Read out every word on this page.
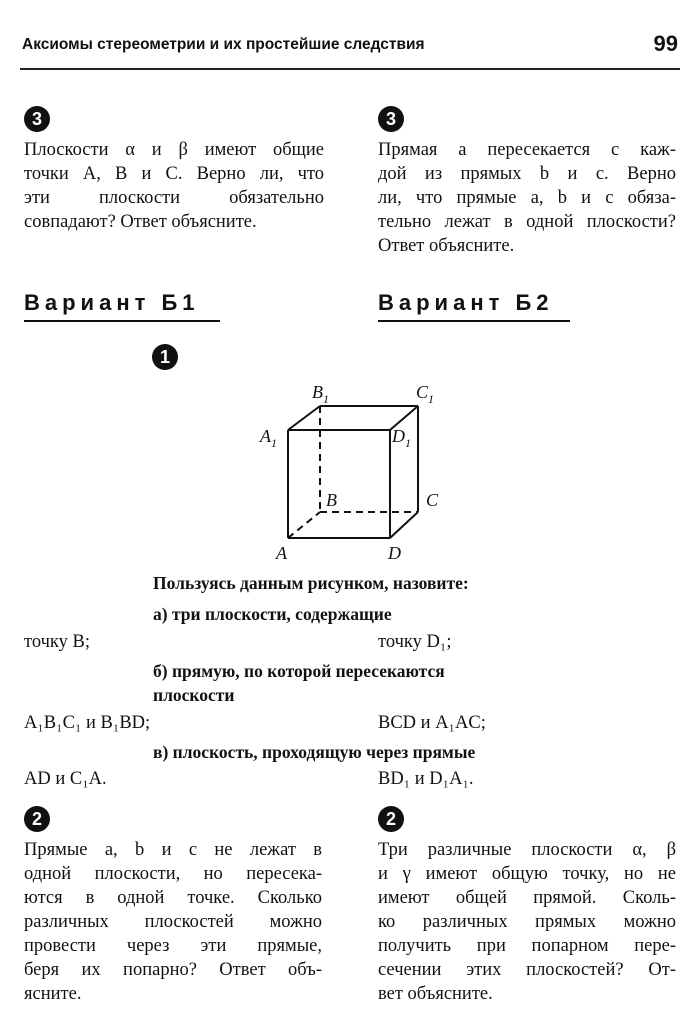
Аксиомы стереометрии и их простейшие следствия	99
3
Плоскости α и β имеют общие
точки A, B и C. Верно ли, что
эти плоскости обязательно
совпадают? Ответ объясните.
3
Прямая a пересекается с каж-
дой из прямых b и c. Верно
ли, что прямые a, b и c обяза-
тельно лежат в одной плоскости?
Ответ объясните.
Вариант Б1	Вариант Б2
1
A	D
B	C
$A_1$
$B_1$	$C_1$
$D_1$
Пользуясь данным рисунком, назовите:
а) три плоскости, содержащие
точку B;	точку D₁;
б) прямую, по которой пересекаются
плоскости
A₁B₁C₁ и B₁BD;	BCD и A₁AC;
в) плоскость, проходящую через прямые
AD и C₁A.	BD₁ и D₁A₁.
2
Прямые a, b и c не лежат в
одной плоскости, но пересека-
ются в одной точке. Сколько
различных плоскостей можно
провести через эти прямые,
беря их попарно? Ответ объ-
ясните.
2
Три различные плоскости α, β
и γ имеют общую точку, но не
имеют общей прямой. Сколь-
ко различных прямых можно
получить при попарном пере-
сечении этих плоскостей? От-
вет объясните.
